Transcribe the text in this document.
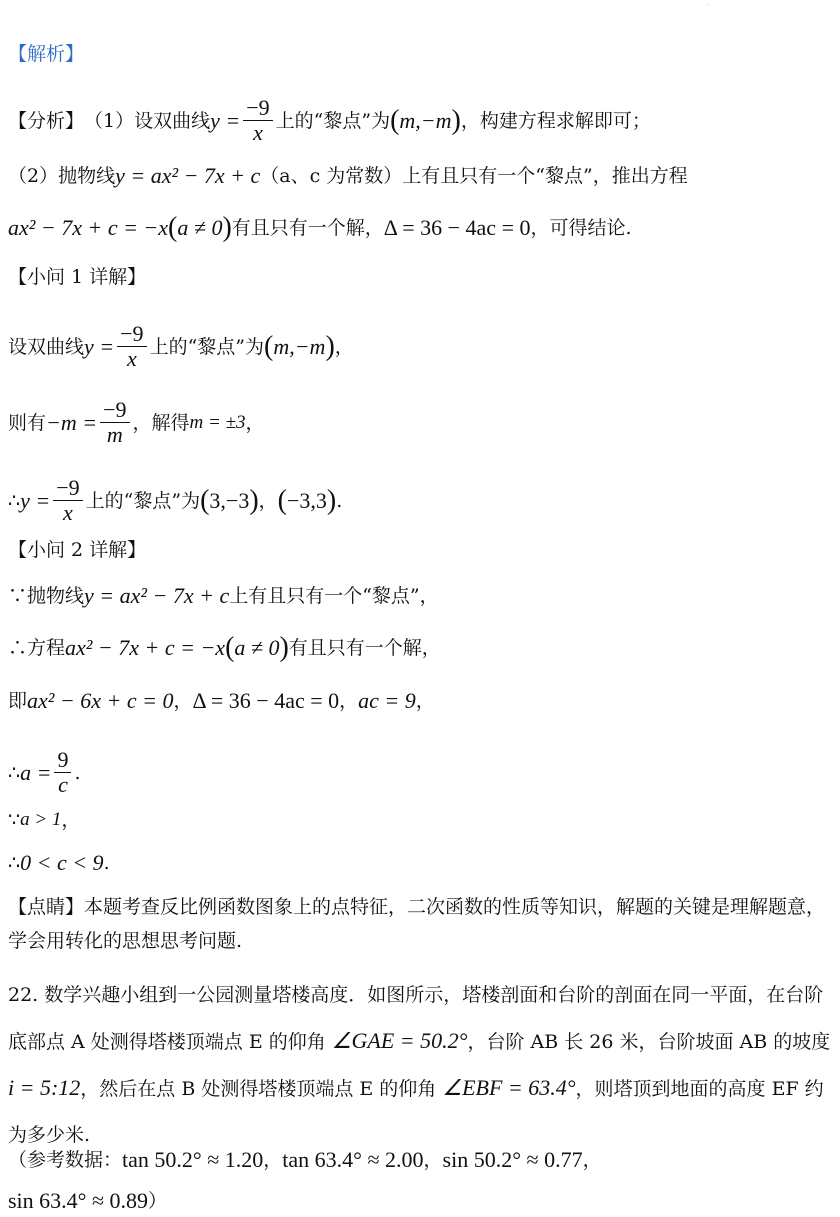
·
【解析】
【分析】 （1）设双曲线 $y = \frac{-9}{x}$ 上的“黎点”为 ( m,−m ) ，构建方程求解即可；
（2）抛物线 y = ax² − 7x + c （a、c 为常数）上有且只有一个“黎点”，推出方程
ax² − 7x + c = −x ( a ≠ 0 ) 有且只有一个解， Δ = 36 − 4ac = 0 ，可得结论.
【小问 1 详解】
设双曲线 $y = \frac{-9}{x}$ 上的“黎点”为 ( m,−m ) ，
则有 $-m = \frac{-9}{m}$ ，解得 m = ±3 ，
∴ $y = \frac{-9}{x}$ 上的“黎点”为 ( 3,−3 ) ， ( −3,3 ) .
【小问 2 详解】
∵抛物线 y = ax² − 7x + c 上有且只有一个“黎点”，
∴方程 ax² − 7x + c = −x ( a ≠ 0 ) 有且只有一个解，
即 ax² − 6x + c = 0 ， Δ = 36 − 4ac = 0 ， ac = 9 ，
∴ $a = \frac{9}{c}$ .
∵ a > 1 ，
∴ 0 < c < 9 .
【点睛】本题考查反比例函数图象上的点特征，二次函数的性质等知识，解题的关键是理解题意，学会用转化的思想思考问题.
22. 数学兴趣小组到一公园测量塔楼高度．如图所示，塔楼剖面和台阶的剖面在同一平面，在台阶底部点 A 处测得塔楼顶端点 E 的仰角 ∠GAE = 50.2°，台阶 AB 长 26 米，台阶坡面 AB 的坡度 i = 5:12，然后在点 B 处测得塔楼顶端点 E 的仰角 ∠EBF = 63.4°，则塔顶到地面的高度 EF 约为多少米.
（参考数据： tan 50.2° ≈ 1.20 ， tan 63.4° ≈ 2.00 ， sin 50.2° ≈ 0.77 ，
sin 63.4° ≈ 0.89 ）
